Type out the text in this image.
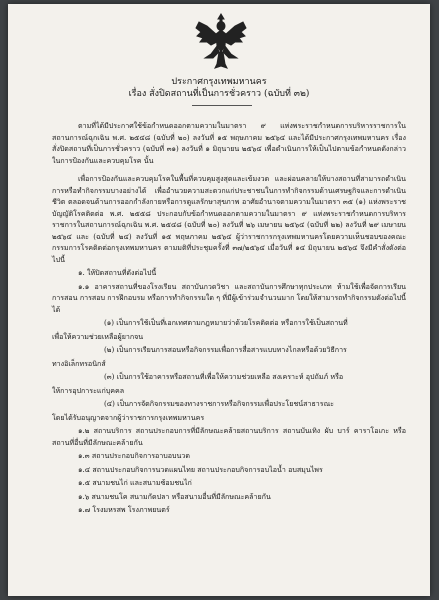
ประกาศกรุงเทพมหานคร
เรื่อง สั่งปิดสถานที่เป็นการชั่วคราว (ฉบับที่ ๓๒)

ตามที่ได้มีประกาศใช้ข้อกำหนดออกตามความในมาตรา ๙ แห่งพระราชกำหนดการบริหารราชการในสถานการณ์ฉุกเฉิน พ.ศ. ๒๕๔๘ (ฉบับที่ ๒๐) ลงวันที่ ๑๕ พฤษภาคม ๒๕๖๔ และได้มีประกาศกรุงเทพมหานคร เรื่อง สั่งปิดสถานที่เป็นการชั่วคราว (ฉบับที่ ๓๑) ลงวันที่ ๑ มิถุนายน ๒๕๖๔ เพื่อดำเนินการให้เป็นไปตามข้อกำหนดดังกล่าว ในการป้องกันและควบคุมโรค นั้น

เพื่อการป้องกันและควบคุมโรคในพื้นที่ควบคุมสูงสุดและเข้มงวด และผ่อนคลายให้บางสถานที่สามารถดำเนินการหรือทำกิจกรรมบางอย่างได้ เพื่ออำนวยความสะดวกแก่ประชาชนในการทำกิจกรรมด้านเศรษฐกิจและการดำเนินชีวิต ตลอดจนด้านการออกกำลังกายหรือการดูแลรักษาสุขภาพ อาศัยอำนาจตามความในมาตรา ๓๕ (๑) แห่งพระราชบัญญัติโรคติดต่อ พ.ศ. ๒๕๕๘ ประกอบกับข้อกำหนดออกตามความในมาตรา ๙ แห่งพระราชกำหนดการบริหารราชการในสถานการณ์ฉุกเฉิน พ.ศ. ๒๕๔๘ (ฉบับที่ ๒๐) ลงวันที่ ๒๖ เมษายน ๒๕๖๔ (ฉบับที่ ๒๒) ลงวันที่ ๒๙ เมษายน ๒๕๖๔ และ (ฉบับที่ ๒๔) ลงวันที่ ๑๕ พฤษภาคม ๒๕๖๔ ผู้ว่าราชการกรุงเทพมหานครโดยความเห็นชอบของคณะกรรมการโรคติดต่อกรุงเทพมหานคร ตามมติที่ประชุมครั้งที่ ๓๗/๒๕๖๔ เมื่อวันที่ ๑๔ มิถุนายน ๒๕๖๔ จึงมีคำสั่งดังต่อไปนี้

๑. ให้ปิดสถานที่ดังต่อไปนี้

๑.๑ อาคารสถานที่ของโรงเรียน สถาบันกวดวิชา และสถาบันการศึกษาทุกประเภท ห้ามใช้เพื่อจัดการเรียน การสอน การสอบ การฝึกอบรม หรือการทำกิจกรรมใด ๆ ที่มีผู้เข้าร่วมจำนวนมาก โดยให้สามารถทำกิจกรรมดังต่อไปนี้ได้

(๑) เป็นการใช้เป็นที่เอกเทศตามกฎหมายว่าด้วยโรคติดต่อ หรือการใช้เป็นสถานที่

เพื่อให้ความช่วยเหลือผู้ยากจน

(๒) เป็นการเรียนการสอนหรือกิจกรรมเพื่อการสื่อสารแบบทางไกลหรือด้วยวิธีการ

ทางอิเล็กทรอนิกส์

(๓) เป็นการใช้อาคารหรือสถานที่เพื่อให้ความช่วยเหลือ สงเคราะห์ อุปถัมภ์ หรือ

ให้การอุปการะแก่บุคคล

(๔) เป็นการจัดกิจกรรมของทางราชการหรือกิจกรรมเพื่อประโยชน์สาธารณะ

โดยได้รับอนุญาตจากผู้ว่าราชการกรุงเทพมหานคร

๑.๒ สถานบริการ สถานประกอบการที่มีลักษณะคล้ายสถานบริการ สถานบันเทิง ผับ บาร์ คาราโอเกะ หรือสถานที่อื่นที่มีลักษณะคล้ายกัน

๑.๓ สถานประกอบกิจการอาบอบนวด

๑.๔ สถานประกอบกิจการนวดแผนไทย สถานประกอบกิจการอบไอน้ำ อบสมุนไพร

๑.๕ สนามชนไก่ และสนามซ้อมชนไก่

๑.๖ สนามชนโค สนามกัดปลา หรือสนามอื่นที่มีลักษณะคล้ายกัน

๑.๗ โรงมหรสพ โรงภาพยนตร์
